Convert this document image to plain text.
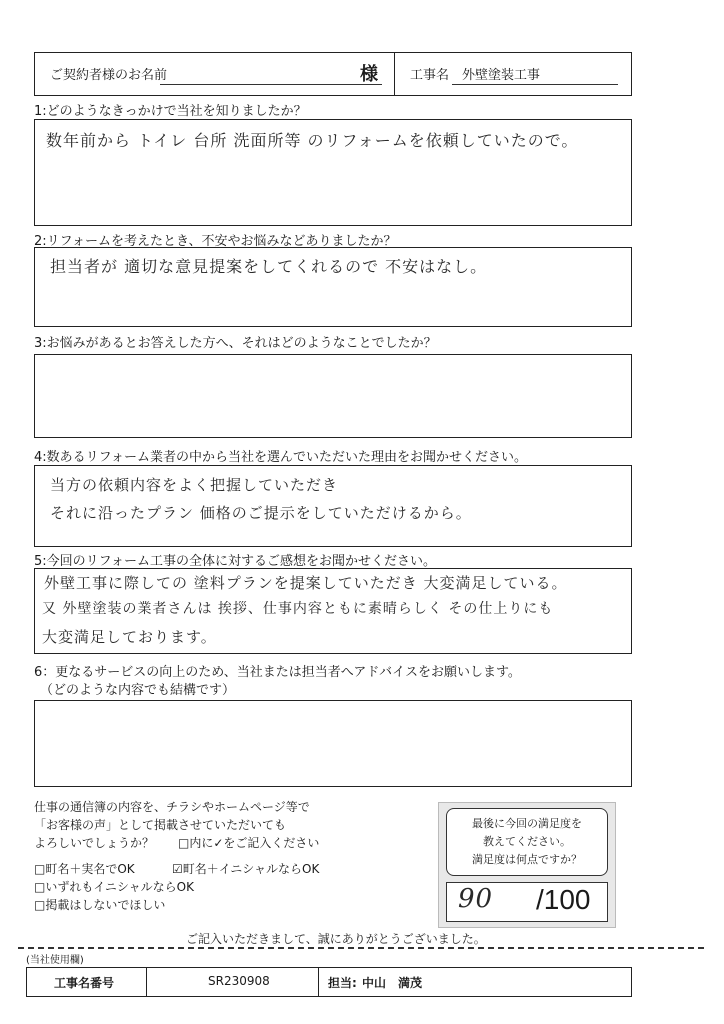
ご契約者様のお名前	様 工事名 外壁塗装工事
1:どのようなきっかけで当社を知りましたか？
数年前から トイレ 台所 洗面所等 のリフォームを依頼していたので。
2:リフォームを考えたとき、不安やお悩みなどありましたか？
担当者が 適切な意見提案をしてくれるので 不安はなし。
3:お悩みがあるとお答えした方へ、それはどのようなことでしたか？
4:数あるリフォーム業者の中から当社を選んでいただいた理由をお聞かせください。
当方の依頼内容をよく把握していただき
それに沿ったプラン 価格のご提示をしていただけるから。
5:今回のリフォーム工事の全体に対するご感想をお聞かせください。
外壁工事に際しての 塗料プランを提案していただき 大変満足している。
又 外壁塗装の業者さんは 挨拶、仕事内容ともに素晴らしく その仕上りにも
大変満足しております。
6：更なるサービスの向上のため、当社または担当者へアドバイスをお願いします。
（どのような内容でも結構です）
仕事の通信簿の内容を、チラシやホームページ等で
「お客様の声」として掲載させていただいても
よろしいでしょうか？ □内に✓をご記入ください
□町名＋実名でOK	☑町名＋イニシャルならOK
□いずれもイニシャルならOK
□掲載はしないでほしい
最後に今回の満足度を
教えてください。
満足度は何点ですか？
90 /100
ご記入いただきまして、誠にありがとうございました。
(当社使用欄)
工事名番号	SR230908	担当: 中山　満茂
